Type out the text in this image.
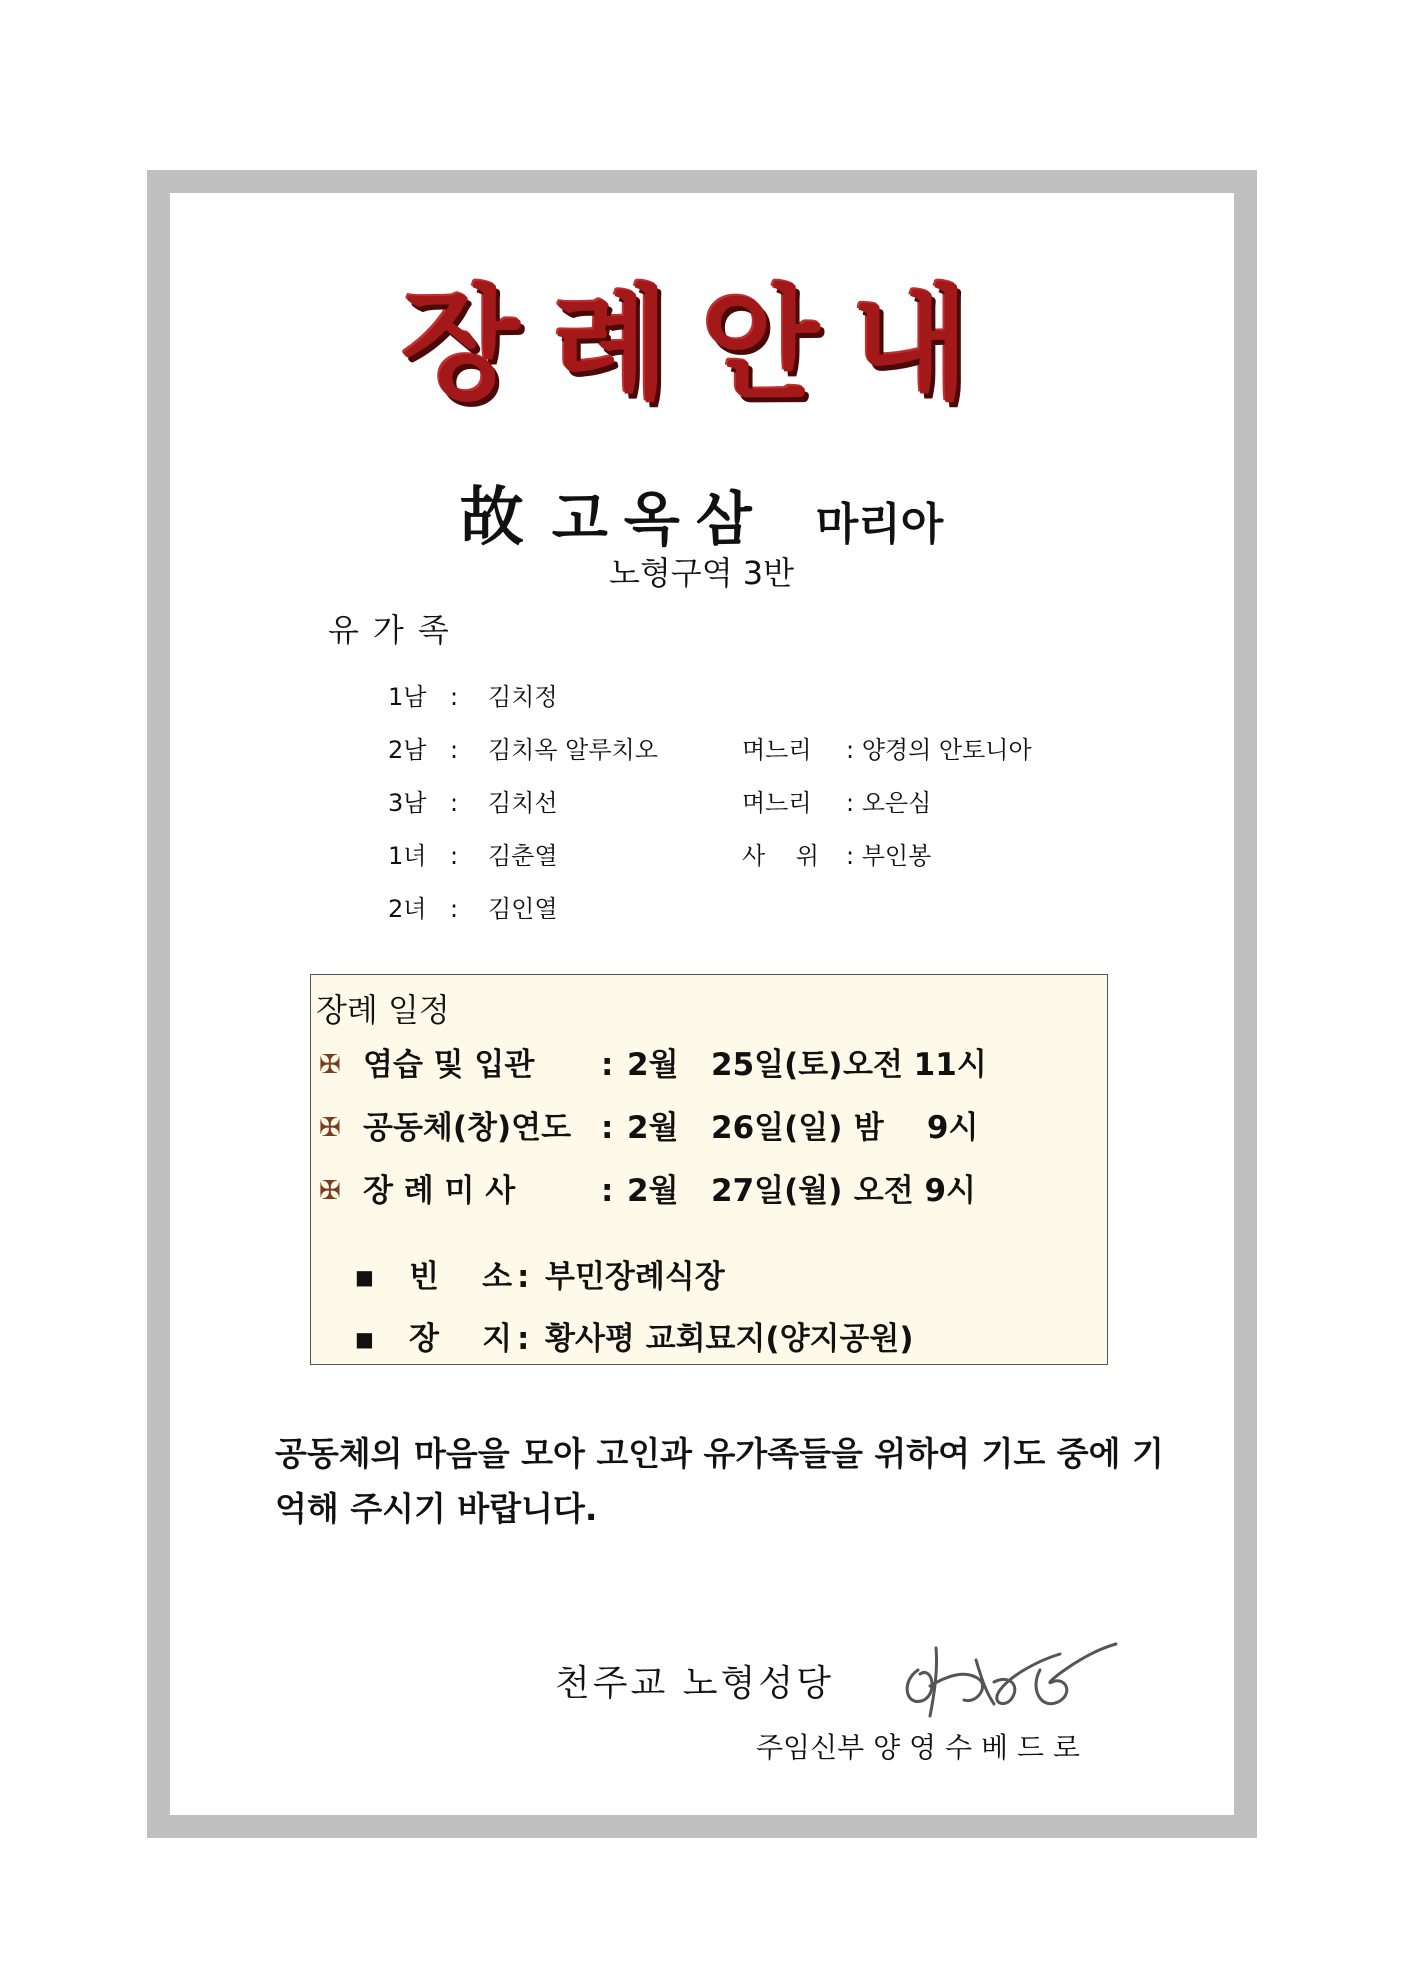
장례안내
故 고옥삼 마리아
노형구역 3반
유가족
1남 : 김치정
2남 : 김치옥 알루치오	며느리 : 양경의 안토니아
3남 : 김치선	며느리 : 오은심
1녀 : 김춘열	사    위 : 부인봉
2녀 : 김인열
장례 일정
✠ 염습 및 입관 : 2월 25일(토) 오전 11시
✠ 공동체(창)연도 : 2월 26일(일) 밤    9시
✠ 장 례 미 사	: 2월 27일(월) 오전 9시
■ 빈    소 : 부민장례식장
■ 장    지 : 황사평 교회묘지(양지공원)
공동체의 마음을 모아 고인과 유가족들을 위하여 기도 중에 기억해 주시기 바랍니다.
천주교 노형성당
주임신부 양 영 수 베 드 로
